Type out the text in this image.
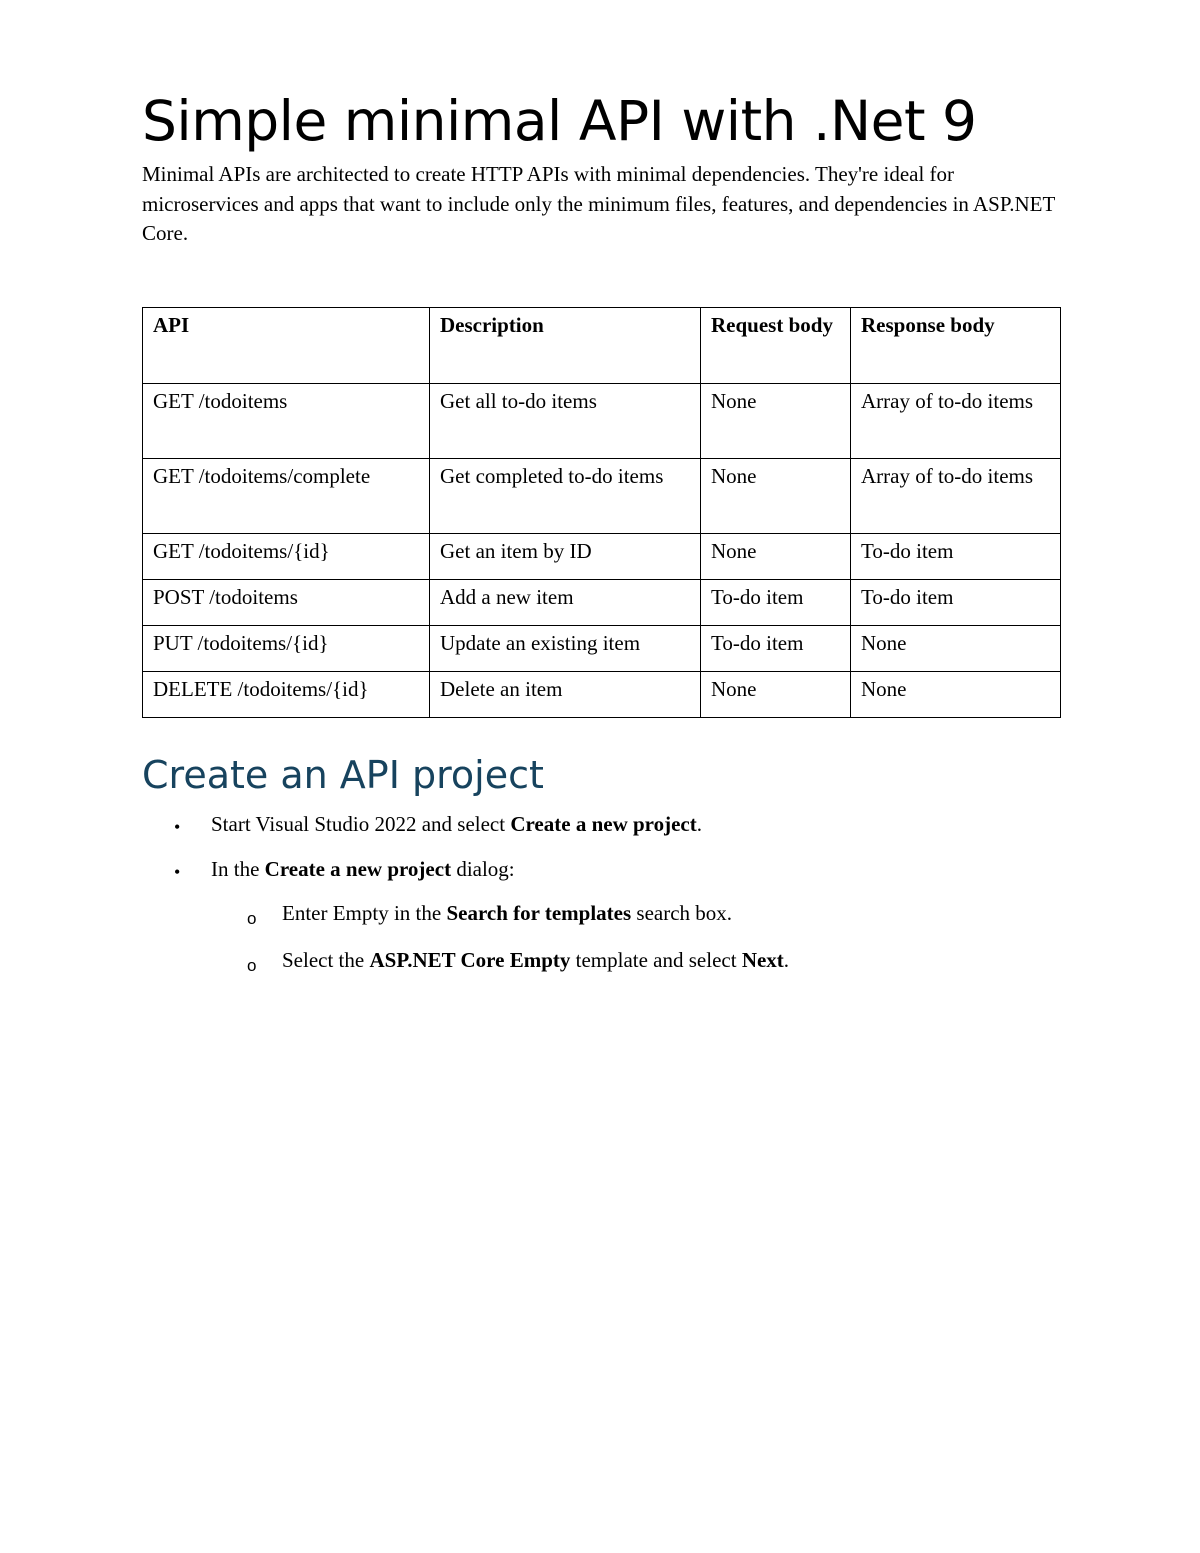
Simple minimal API with .Net 9

Minimal APIs are architected to create HTTP APIs with minimal dependencies. They're ideal for microservices and apps that want to include only the minimum files, features, and dependencies in ASP.NET Core.

API	Description	Request body	Response body
GET /todoitems	Get all to-do items	None	Array of to-do items
GET /todoitems/complete	Get completed to-do items	None	Array of to-do items
GET /todoitems/{id}	Get an item by ID	None	To-do item
POST /todoitems	Add a new item	To-do item	To-do item
PUT /todoitems/{id}	Update an existing item	To-do item	None
DELETE /todoitems/{id}	Delete an item	None	None
Create an API project
• Start Visual Studio 2022 and select Create a new project.
• In the Create a new project dialog:
o Enter Empty in the Search for templates search box.
o Select the ASP.NET Core Empty template and select Next.
